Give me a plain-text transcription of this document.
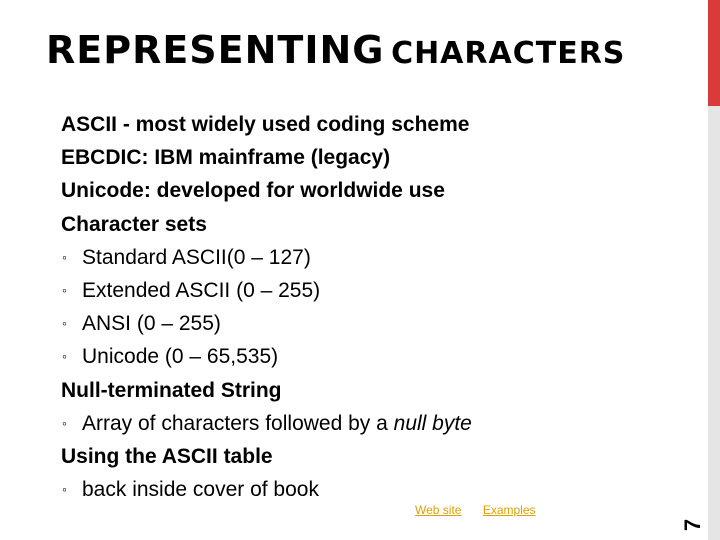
REPRESENTING CHARACTERS
ASCII - most widely used coding scheme
EBCDIC: IBM mainframe (legacy)
Unicode: developed for worldwide use
Character sets
◦ Standard ASCII(0 – 127)
◦ Extended ASCII (0 – 255)
◦ ANSI (0 – 255)
◦ Unicode (0 – 65,535)
Null-terminated String
◦ Array of characters followed by a null byte
Using the ASCII table
◦ back inside cover of book
Web site Examples
7
